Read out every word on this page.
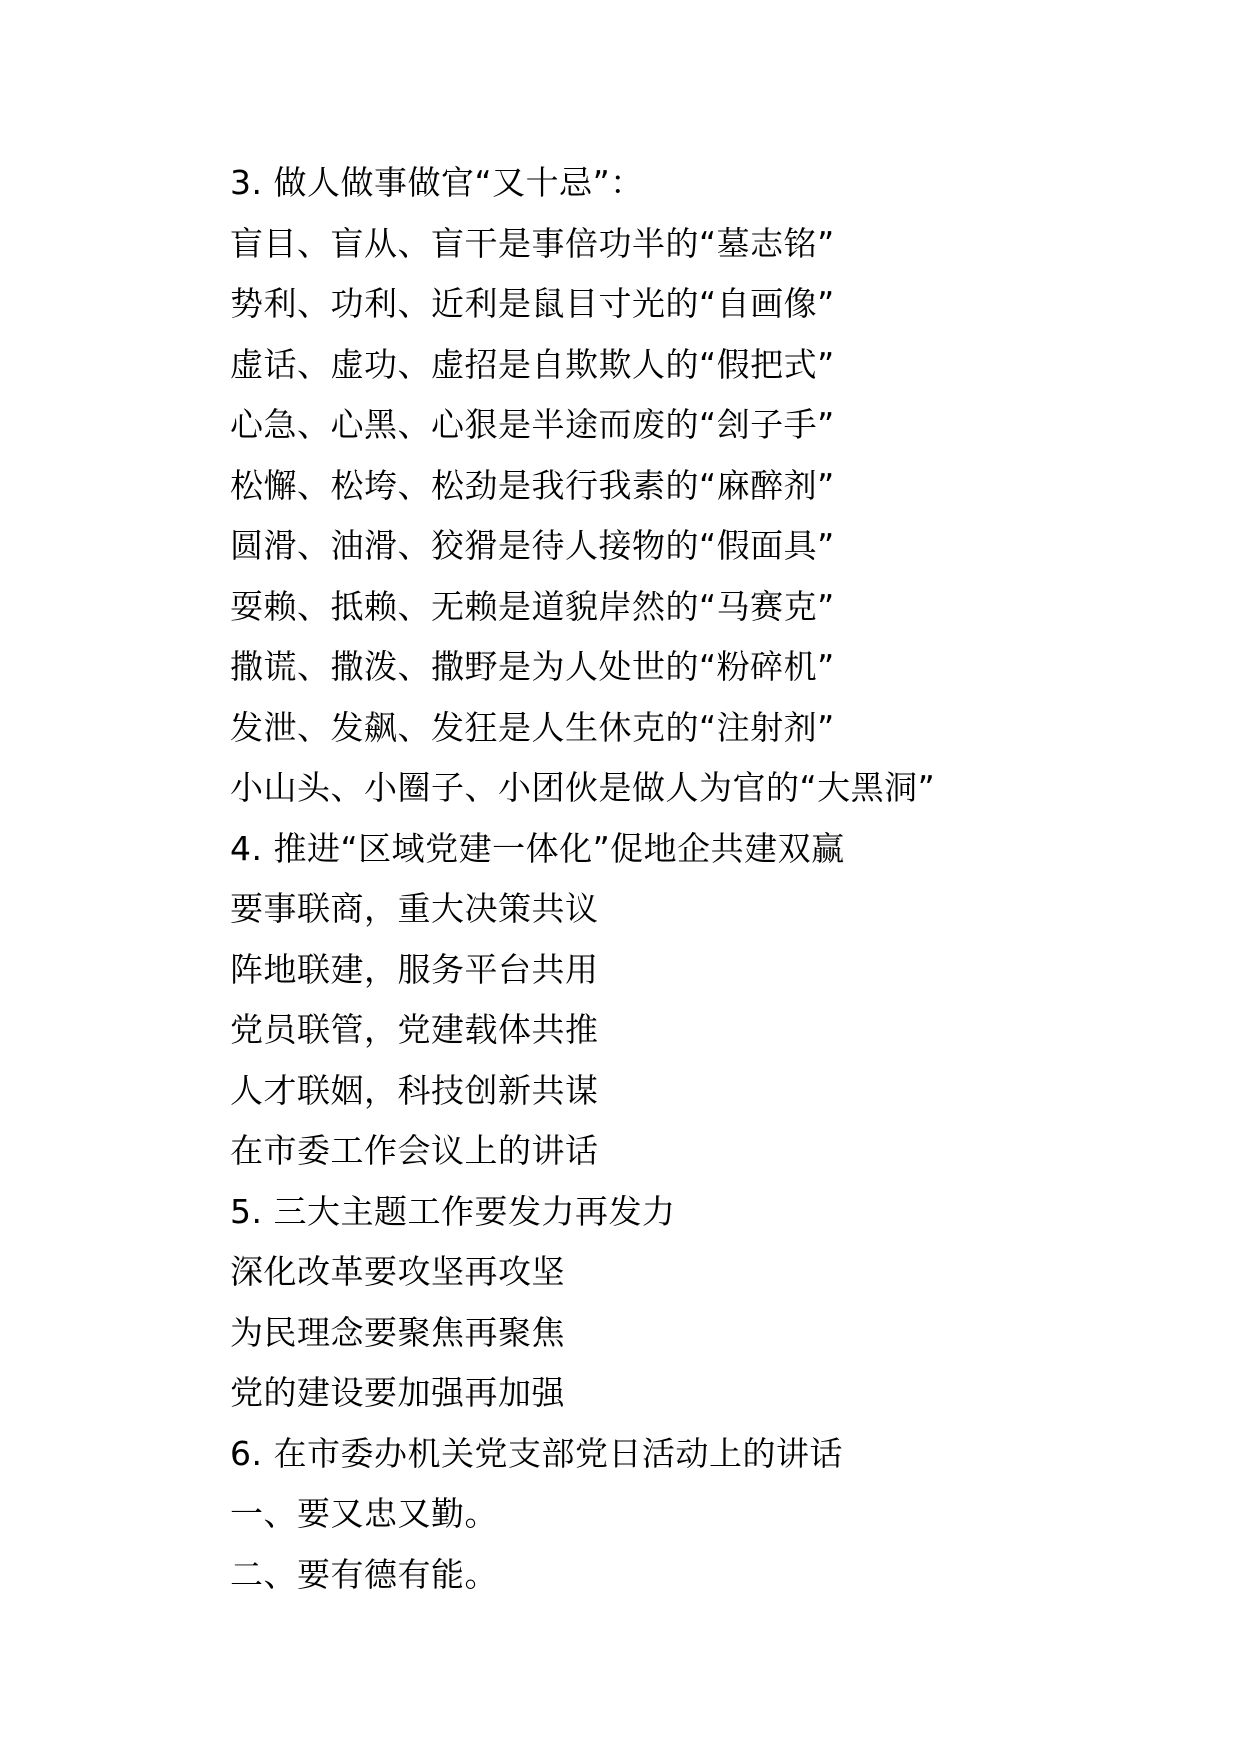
3. 做人做事做官“又十忌”：
盲目、盲从、盲干是事倍功半的“墓志铭”
势利、功利、近利是鼠目寸光的“自画像”
虚话、虚功、虚招是自欺欺人的“假把式”
心急、心黑、心狠是半途而废的“刽子手”
松懈、松垮、松劲是我行我素的“麻醉剂”
圆滑、油滑、狡猾是待人接物的“假面具”
耍赖、抵赖、无赖是道貌岸然的“马赛克”
撒谎、撒泼、撒野是为人处世的“粉碎机”
发泄、发飙、发狂是人生休克的“注射剂”
小山头、小圈子、小团伙是做人为官的“大黑洞”
4. 推进“区域党建一体化”促地企共建双赢
要事联商，重大决策共议
阵地联建，服务平台共用
党员联管，党建载体共推
人才联姻，科技创新共谋
在市委工作会议上的讲话
5. 三大主题工作要发力再发力
深化改革要攻坚再攻坚
为民理念要聚焦再聚焦
党的建设要加强再加强
6. 在市委办机关党支部党日活动上的讲话
一、要又忠又勤。
二、要有德有能。
